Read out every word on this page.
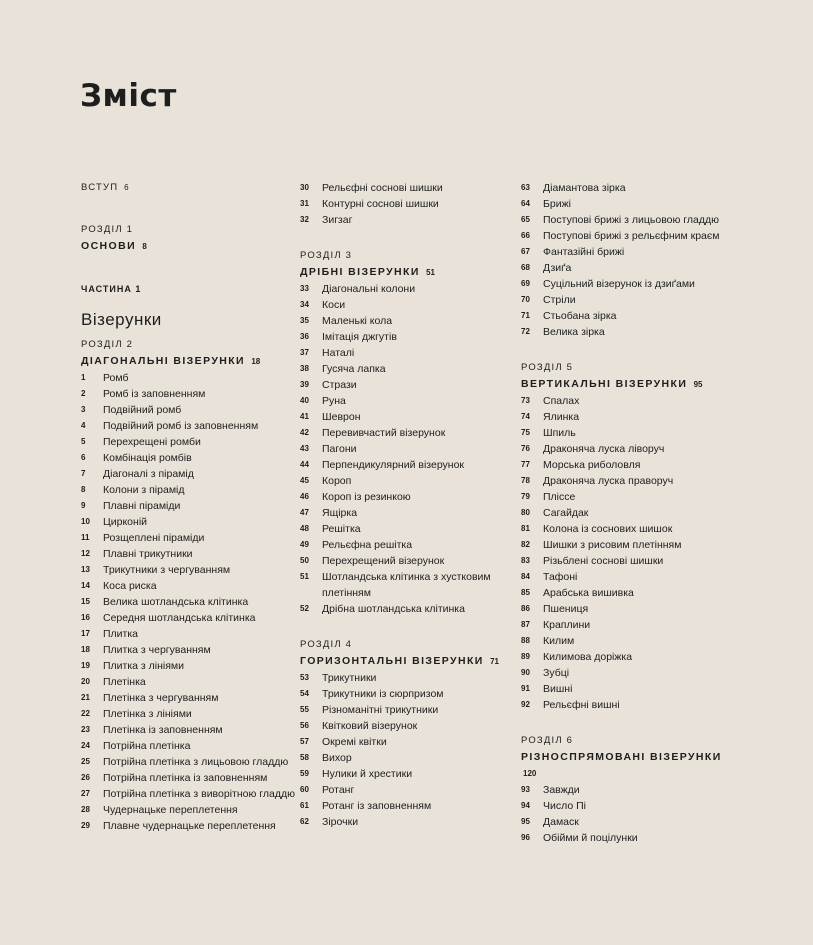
Зміст
ВСТУП 6
РОЗДІЛ 1
ОСНОВИ 8
ЧАСТИНА 1
Візерунки
РОЗДІЛ 2
ДІАГОНАЛЬНІ ВІЗЕРУНКИ 18
1	Ромб
2	Ромб із заповненням
3	Подвійний ромб
4	Подвійний ромб із заповненням
5	Перехрещені ромби
6	Комбінація ромбів
7	Діагоналі з пірамід
8	Колони з пірамід
9	Плавні піраміди
10	Цирконій
11	Розщеплені піраміди
12	Плавні трикутники
13	Трикутники з чергуванням
14	Коса риска
15	Велика шотландська клітинка
16	Середня шотландська клітинка
17	Плитка
18	Плитка з чергуванням
19	Плитка з лініями
20	Плетінка
21	Плетінка з чергуванням
22	Плетінка з лініями
23	Плетінка із заповненням
24	Потрійна плетінка
25	Потрійна плетінка з лицьовою гладдю
26	Потрійна плетінка із заповненням
27	Потрійна плетінка з виворітною гладдю
28	Чудернацьке переплетення
29	Плавне чудернацьке переплетення
30	Рельєфні соснові шишки
31	Контурні соснові шишки
32	Зигзаг
РОЗДІЛ 3
ДРІБНІ ВІЗЕРУНКИ 51
33	Діагональні колони
34	Коси
35	Маленькі кола
36	Імітація джгутів
37	Наталі
38	Гусяча лапка
39	Стрази
40	Руна
41	Шеврон
42	Перевивчастий візерунок
43	Пагони
44	Перпендикулярний візерунок
45	Короп
46	Короп із резинкою
47	Ящірка
48	Решітка
49	Рельєфна решітка
50	Перехрещений візерунок
51	Шотландська клітинка з хустковим плетінням
52	Дрібна шотландська клітинка
РОЗДІЛ 4
ГОРИЗОНТАЛЬНІ ВІЗЕРУНКИ 71
53	Трикутники
54	Трикутники із сюрпризом
55	Різноманітні трикутники
56	Квітковий візерунок
57	Окремі квітки
58	Вихор
59	Нулики й хрестики
60	Ротанг
61	Ротанг із заповненням
62	Зірочки
63	Діамантова зірка
64	Брижі
65	Поступові брижі з лицьовою гладдю
66	Поступові брижі з рельєфним краєм
67	Фантазійні брижі
68	Дзиґа
69	Суцільний візерунок із дзиґами
70	Стріли
71	Стьобана зірка
72	Велика зірка
РОЗДІЛ 5
ВЕРТИКАЛЬНІ ВІЗЕРУНКИ 95
73	Спалах
74	Ялинка
75	Шпиль
76	Драконяча луска ліворуч
77	Морська риболовля
78	Драконяча луска праворуч
79	Пліссе
80	Сагайдак
81	Колона із соснових шишок
82	Шишки з рисовим плетінням
83	Різьблені соснові шишки
84	Тафоні
85	Арабська вишивка
86	Пшениця
87	Краплини
88	Килим
89	Килимова доріжка
90	Зубці
91	Вишні
92	Рельєфні вишні
РОЗДІЛ 6
РІЗНОСПРЯМОВАНІ ВІЗЕРУНКИ 120
93	Завжди
94	Число Пі
95	Дамаск
96	Обійми й поцілунки
